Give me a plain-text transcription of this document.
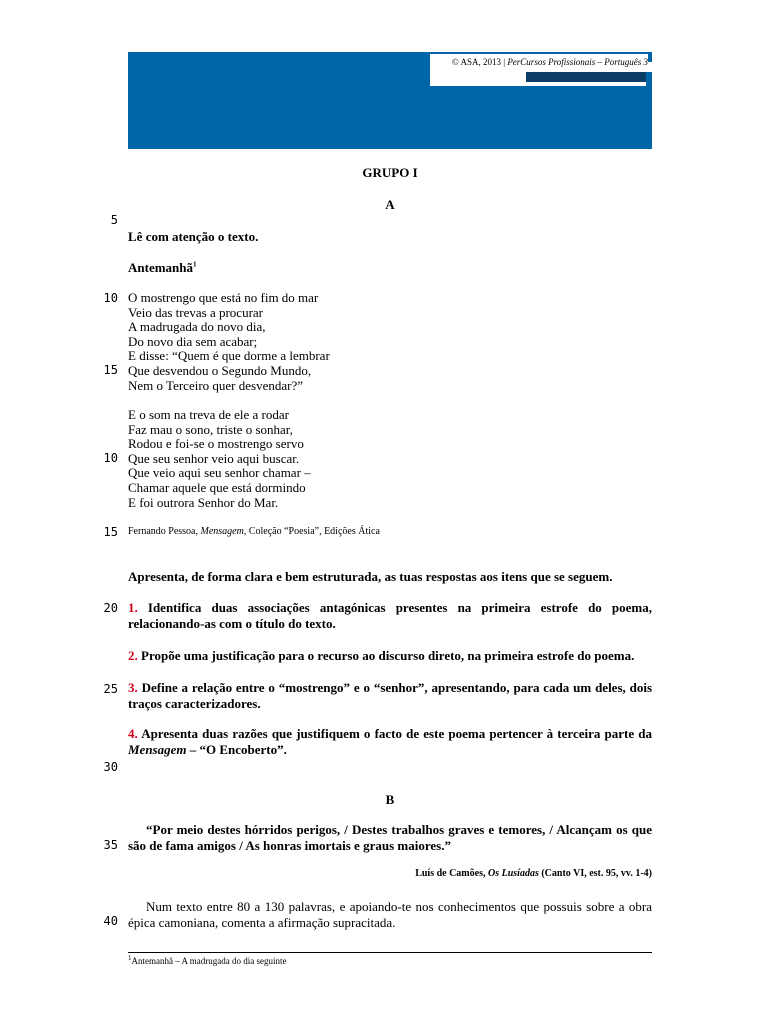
© ASA, 2013 | PerCursos Profissionais – Português 3
5
10
15
10
15
20
25
30
35
40
GRUPO I
A
Lê com atenção o texto.
Antemanhã$^1$
O mostrengo que está no fim do mar
Veio das trevas a procurar
A madrugada do novo dia,
Do novo dia sem acabar;
E disse: “Quem é que dorme a lembrar
Que desvendou o Segundo Mundo,
Nem o Terceiro quer desvendar?”
E o som na treva de ele a rodar
Faz mau o sono, triste o sonhar,
Rodou e foi-se o mostrengo servo
Que seu senhor veio aqui buscar.
Que veio aqui seu senhor chamar –
Chamar aquele que está dormindo
E foi outrora Senhor do Mar.
Fernando Pessoa, Mensagem, Coleção “Poesia”, Edições Ática
Apresenta, de forma clara e bem estruturada, as tuas respostas aos itens que se seguem.
1. Identifica duas associações antagónicas presentes na primeira estrofe do poema, relacionando-as com o título do texto.
2. Propõe uma justificação para o recurso ao discurso direto, na primeira estrofe do poema.
3. Define a relação entre o “mostrengo” e o “senhor”, apresentando, para cada um deles, dois traços caracterizadores.
4. Apresenta duas razões que justifiquem o facto de este poema pertencer à terceira parte da Mensagem – “O Encoberto”.
B
“Por meio destes hórridos perigos, / Destes trabalhos graves e temores, / Alcançam os que são de fama amigos / As honras imortais e graus maiores.”
Luís de Camões, Os Lusíadas (Canto VI, est. 95, vv. 1-4)
Num texto entre 80 a 130 palavras, e apoiando-te nos conhecimentos que possuis sobre a obra épica camoniana, comenta a afirmação supracitada.
$^1$Antemanhã – A madrugada do dia seguinte
